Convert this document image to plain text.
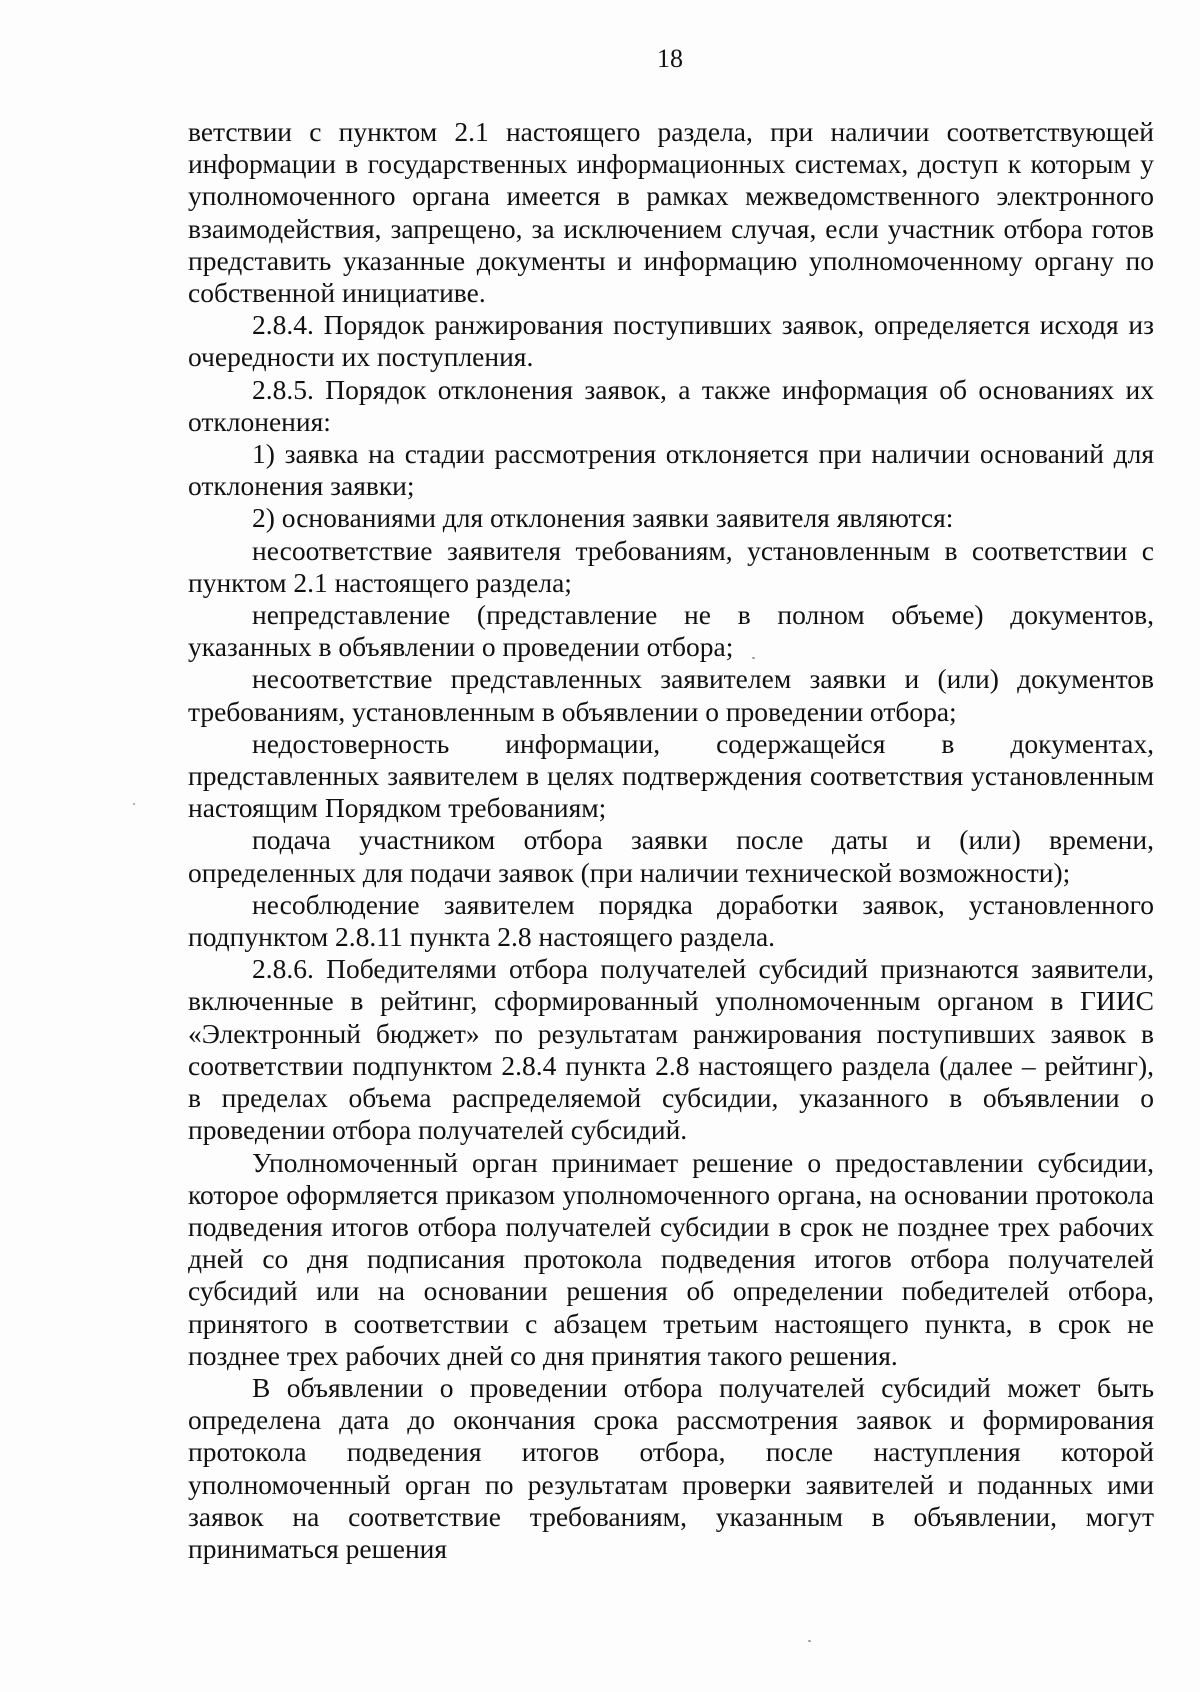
18

ветствии с пунктом 2.1 настоящего раздела, при наличии соответствующей информации в государственных информационных системах, доступ к которым у уполномоченного органа имеется в рамках межведомственного электронного взаимодействия, запрещено, за исключением случая, если участник отбора готов представить указанные документы и информацию уполномоченному органу по собственной инициативе.

2.8.4. Порядок ранжирования поступивших заявок, определяется исходя из очередности их поступления.

2.8.5. Порядок отклонения заявок, а также информация об основаниях их отклонения:

1) заявка на стадии рассмотрения отклоняется при наличии оснований для отклонения заявки;

2) основаниями для отклонения заявки заявителя являются:

несоответствие заявителя требованиям, установленным в соответствии с пунктом 2.1 настоящего раздела;

непредставление (представление не в полном объеме) документов, указанных в объявлении о проведении отбора;

несоответствие представленных заявителем заявки и (или) документов требованиям, установленным в объявлении о проведении отбора;

недостоверность информации, содержащейся в документах, представленных заявителем в целях подтверждения соответствия установленным настоящим Порядком требованиям;

подача участником отбора заявки после даты и (или) времени, определенных для подачи заявок (при наличии технической возможности);

несоблюдение заявителем порядка доработки заявок, установленного подпунктом 2.8.11 пункта 2.8 настоящего раздела.

2.8.6. Победителями отбора получателей субсидий признаются заявители, включенные в рейтинг, сформированный уполномоченным органом в ГИИС «Электронный бюджет» по результатам ранжирования поступивших заявок в соответствии подпунктом 2.8.4 пункта 2.8 настоящего раздела (далее – рейтинг), в пределах объема распределяемой субсидии, указанного в объявлении о проведении отбора получателей субсидий.

Уполномоченный орган принимает решение о предоставлении субсидии, которое оформляется приказом уполномоченного органа, на основании протокола подведения итогов отбора получателей субсидии в срок не позднее трех рабочих дней со дня подписания протокола подведения итогов отбора получателей субсидий или на основании решения об определении победителей отбора, принятого в соответствии с абзацем третьим настоящего пункта, в срок не позднее трех рабочих дней со дня принятия такого решения.

В объявлении о проведении отбора получателей субсидий может быть определена дата до окончания срока рассмотрения заявок и формирования протокола подведения итогов отбора, после наступления которой уполномоченный орган по результатам проверки заявителей и поданных ими заявок на соответствие требованиям, указанным в объявлении, могут приниматься решения
